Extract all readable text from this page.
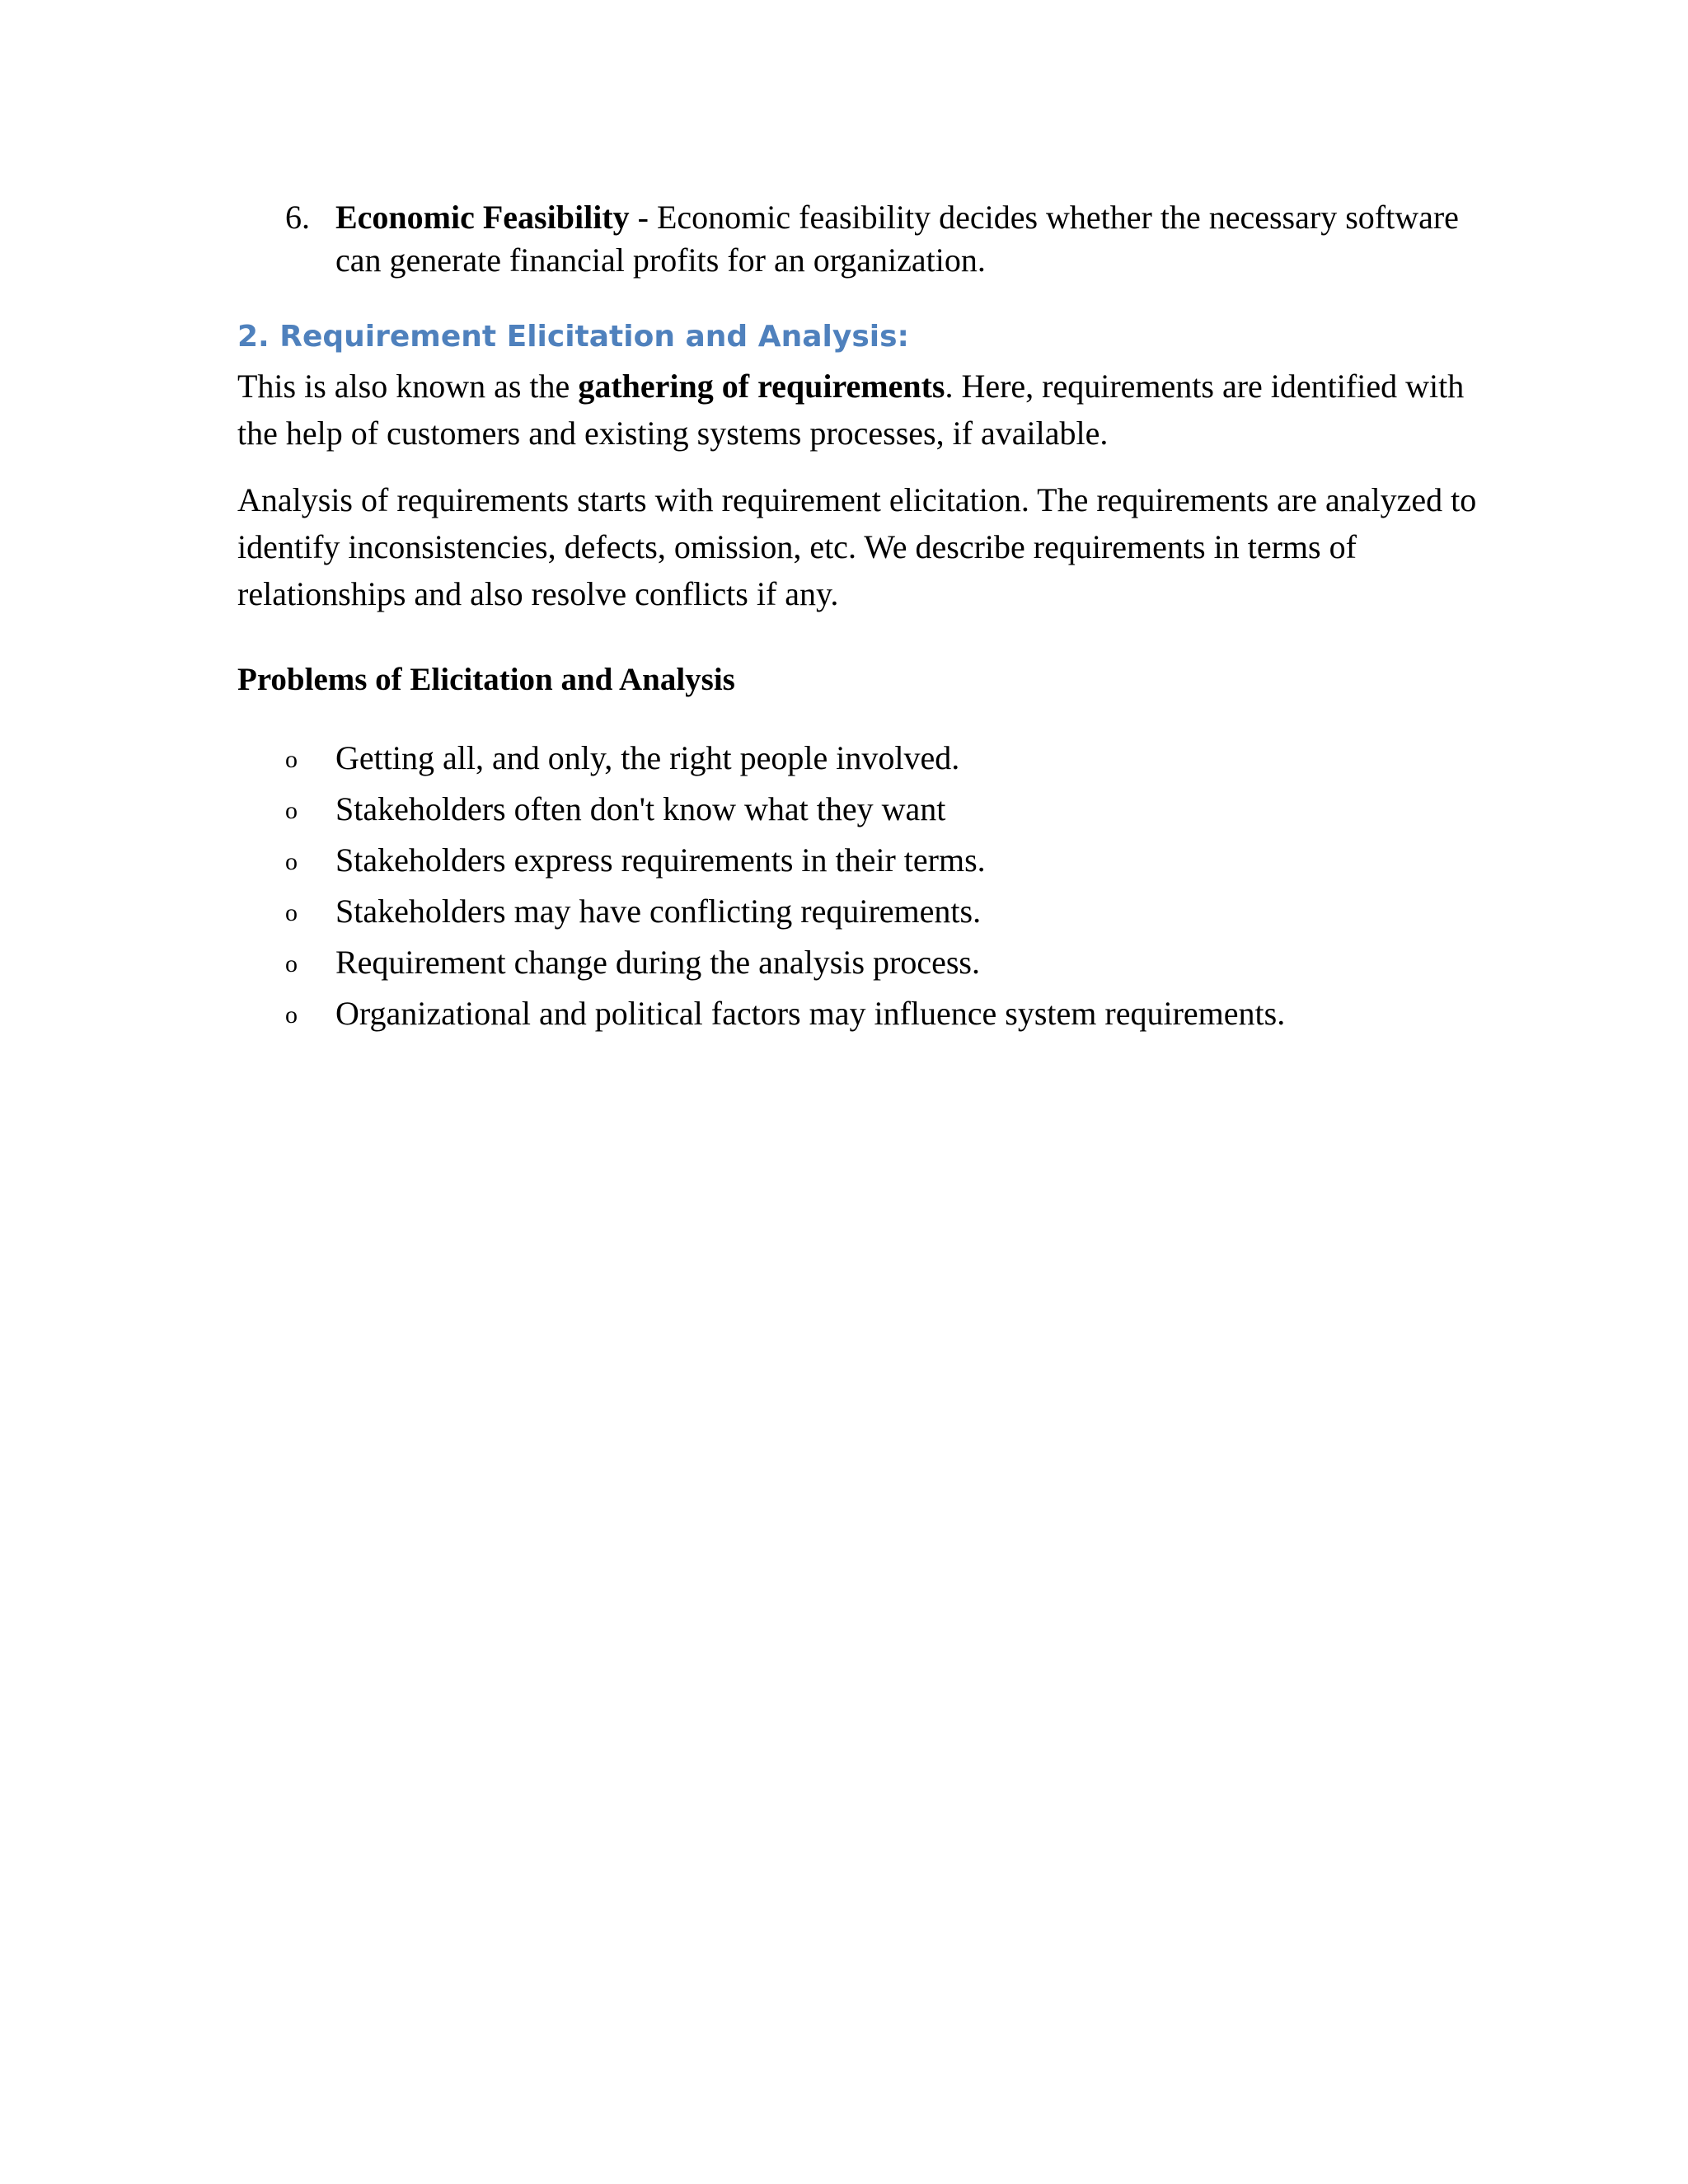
6. Economic Feasibility - Economic feasibility decides whether the necessary software can generate financial profits for an organization.
2. Requirement Elicitation and Analysis:
This is also known as the gathering of requirements. Here, requirements are identified with the help of customers and existing systems processes, if available.
Analysis of requirements starts with requirement elicitation. The requirements are analyzed to identify inconsistencies, defects, omission, etc. We describe requirements in terms of relationships and also resolve conflicts if any.
Problems of Elicitation and Analysis
o Getting all, and only, the right people involved.
o Stakeholders often don't know what they want
o Stakeholders express requirements in their terms.
o Stakeholders may have conflicting requirements.
o Requirement change during the analysis process.
o Organizational and political factors may influence system requirements.
